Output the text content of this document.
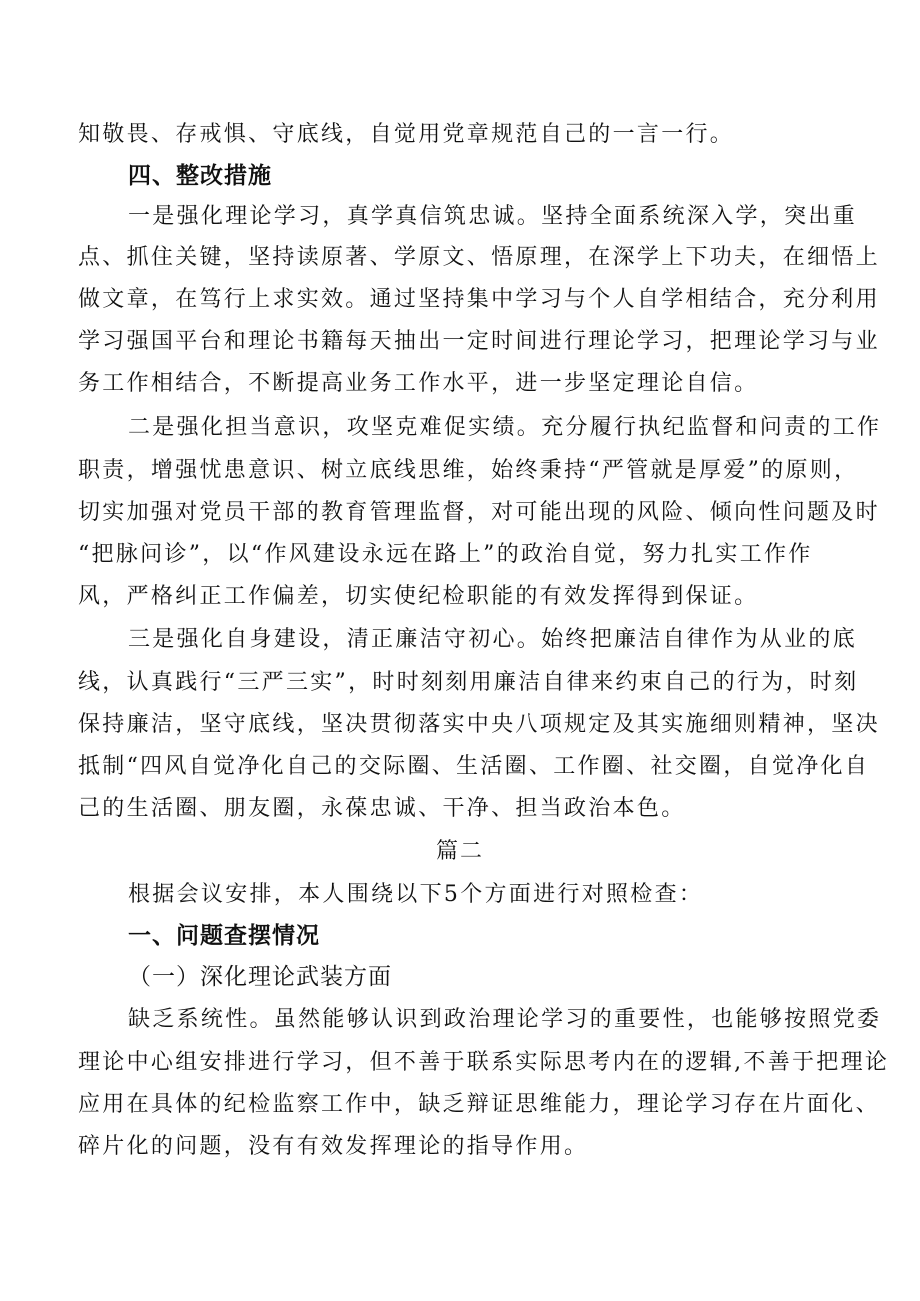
知敬畏、存戒惧、守底线，自觉用党章规范自己的一言一行。
四、整改措施
一是强化理论学习，真学真信筑忠诚。坚持全面系统深入学，突出重
点、抓住关键，坚持读原著、学原文、悟原理，在深学上下功夫，在细悟上
做文章，在笃行上求实效。通过坚持集中学习与个人自学相结合，充分利用
学习强国平台和理论书籍每天抽出一定时间进行理论学习，把理论学习与业
务工作相结合，不断提高业务工作水平，进一步坚定理论自信。
二是强化担当意识，攻坚克难促实绩。充分履行执纪监督和问责的工作
职责，增强忧患意识、树立底线思维，始终秉持“严管就是厚爱”的原则，
切实加强对党员干部的教育管理监督，对可能出现的风险、倾向性问题及时
“把脉问诊”，以“作风建设永远在路上”的政治自觉，努力扎实工作作
风，严格纠正工作偏差，切实使纪检职能的有效发挥得到保证。
三是强化自身建设，清正廉洁守初心。始终把廉洁自律作为从业的底
线，认真践行“三严三实”，时时刻刻用廉洁自律来约束自己的行为，时刻
保持廉洁，坚守底线，坚决贯彻落实中央八项规定及其实施细则精神，坚决
抵制“四风自觉净化自己的交际圈、生活圈、工作圈、社交圈，自觉净化自
己的生活圈、朋友圈，永葆忠诚、干净、担当政治本色。
篇二
根据会议安排，本人围绕以下5个方面进行对照检查：
一、问题查摆情况
（一）深化理论武装方面
缺乏系统性。虽然能够认识到政治理论学习的重要性，也能够按照党委
理论中心组安排进行学习，但不善于联系实际思考内在的逻辑,不善于把理论
应用在具体的纪检监察工作中，缺乏辩证思维能力，理论学习存在片面化、
碎片化的问题，没有有效发挥理论的指导作用。
